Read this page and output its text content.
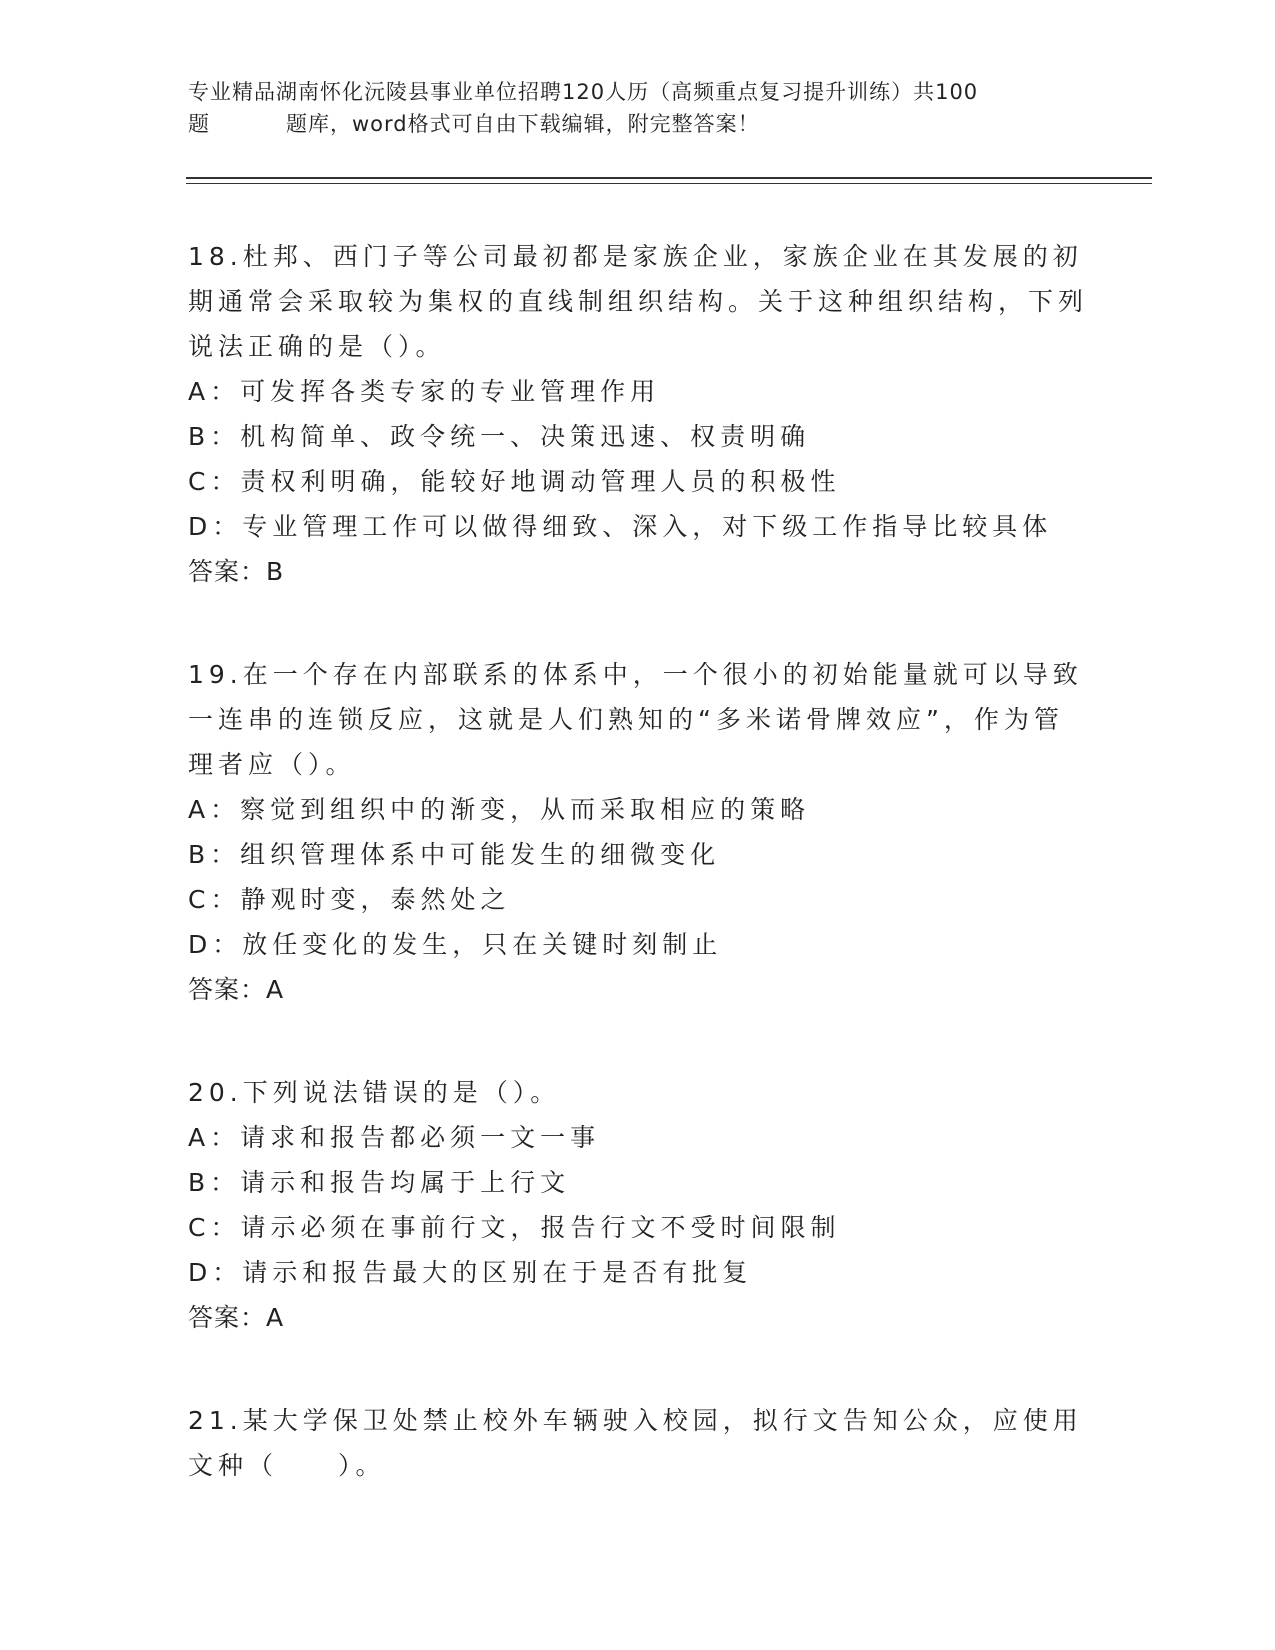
专业精品湖南怀化沅陵县事业单位招聘120人历（高频重点复习提升训练）共100
题	题库，word格式可自由下载编辑，附完整答案！

18.杜邦、西门子等公司最初都是家族企业，家族企业在其发展的初期通常会采取较为集权的直线制组织结构。关于这种组织结构，下列说法正确的是（）。

A：可发挥各类专家的专业管理作用

B：机构简单、政令统一、决策迅速、权责明确

C：责权利明确，能较好地调动管理人员的积极性

D：专业管理工作可以做得细致、深入，对下级工作指导比较具体

答案：B

19.在一个存在内部联系的体系中，一个很小的初始能量就可以导致一连串的连锁反应，这就是人们熟知的“多米诺骨牌效应”，作为管理者应（）。

A：察觉到组织中的渐变，从而采取相应的策略

B：组织管理体系中可能发生的细微变化

C：静观时变，泰然处之

D：放任变化的发生，只在关键时刻制止

答案：A

20.下列说法错误的是（）。

A：请求和报告都必须一文一事

B：请示和报告均属于上行文

C：请示必须在事前行文，报告行文不受时间限制

D：请示和报告最大的区别在于是否有批复

答案：A

21.某大学保卫处禁止校外车辆驶入校园，拟行文告知公众，应使用文种（　　）。
